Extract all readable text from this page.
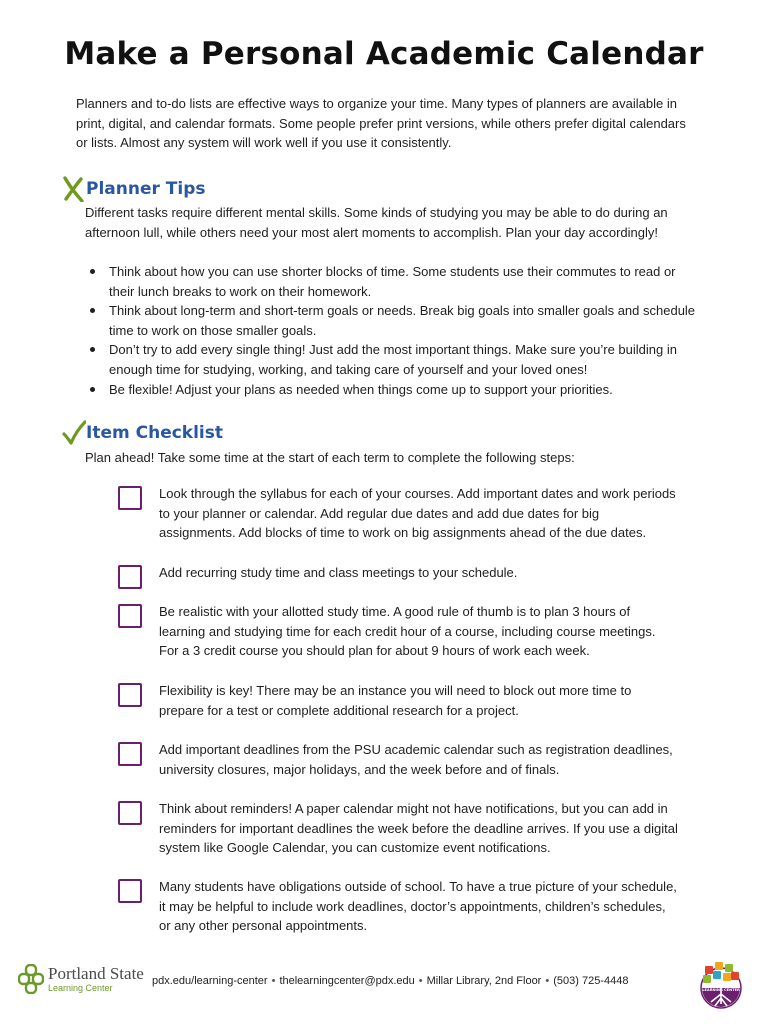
Make a Personal Academic Calendar

Planners and to-do lists are effective ways to organize your time. Many types of planners are available in print, digital, and calendar formats. Some people prefer print versions, while others prefer digital calendars or lists. Almost any system will work well if you use it consistently.

Planner Tips

Different tasks require different mental skills. Some kinds of studying you may be able to do during an afternoon lull, while others need your most alert moments to accomplish. Plan your day accordingly!

Think about how you can use shorter blocks of time. Some students use their commutes to read or their lunch breaks to work on their homework.
Think about long-term and short-term goals or needs. Break big goals into smaller goals and schedule time to work on those smaller goals.
Don’t try to add every single thing! Just add the most important things. Make sure you’re building in enough time for studying, working, and taking care of yourself and your loved ones!
Be flexible! Adjust your plans as needed when things come up to support your priorities.
Item Checklist

Plan ahead! Take some time at the start of each term to complete the following steps:

Look through the syllabus for each of your courses. Add important dates and work periods to your planner or calendar. Add regular due dates and add due dates for big assignments. Add blocks of time to work on big assignments ahead of the due dates.
Add recurring study time and class meetings to your schedule.
Be realistic with your allotted study time. A good rule of thumb is to plan 3 hours of learning and studying time for each credit hour of a course, including course meetings. For a 3 credit course you should plan for about 9 hours of work each week.
Flexibility is key! There may be an instance you will need to block out more time to prepare for a test or complete additional research for a project.
Add important deadlines from the PSU academic calendar such as registration deadlines, university closures, major holidays, and the week before and of finals.
Think about reminders! A paper calendar might not have notifications, but you can add in reminders for important deadlines the week before the deadline arrives. If you use a digital system like Google Calendar, you can customize event notifications.
Many students have obligations outside of school. To have a true picture of your schedule, it may be helpful to include work deadlines, doctor’s appointments, children’s schedules, or any other personal appointments.
Portland State
Learning Center
pdx.edu/learning-center • thelearningcenter@pdx.edu • Millar Library, 2nd Floor • (503) 725-4448
LEARNING CENTER
